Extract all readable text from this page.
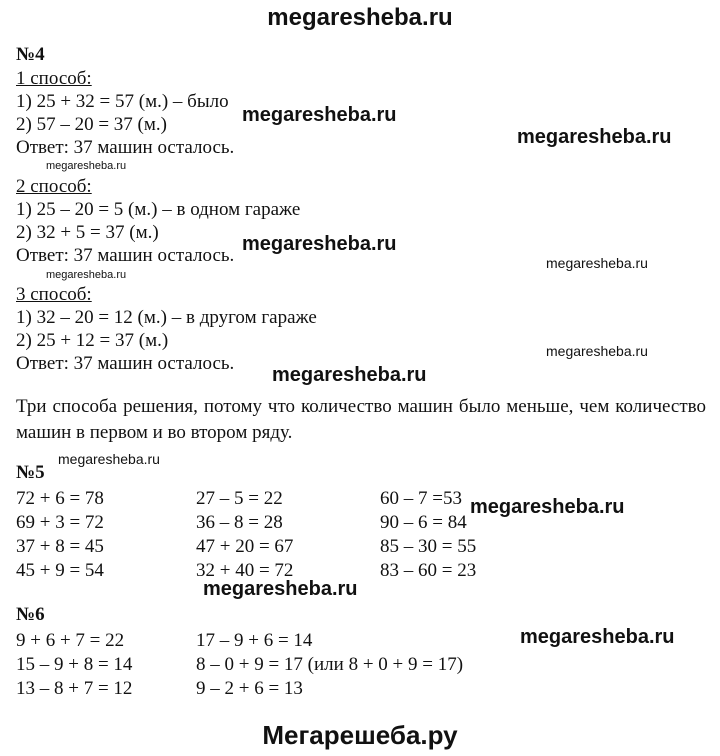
megaresheba.ru
№4
1 способ:
1) 25 + 32 = 57 (м.) – было
2) 57 – 20 = 37 (м.)
Ответ: 37 машин осталось.
2 способ:
1) 25 – 20 = 5 (м.) – в одном гараже
2) 32 + 5 = 37 (м.)
Ответ: 37 машин осталось.
3 способ:
1) 32 – 20 = 12 (м.) – в другом гараже
2) 25 + 12 = 37 (м.)
Ответ: 37 машин осталось.
Три способа решения, потому что количество машин было меньше, чем количество машин в первом и во втором ряду.
№5
72 + 6 = 78
69 + 3 = 72
37 + 8 = 45
45 + 9 = 54
27 – 5 = 22
36 – 8 = 28
47 + 20 = 67
32 + 40 = 72
60 – 7 =53
90 – 6 = 84
85 – 30 = 55
83 – 60 = 23
№6
9 + 6 + 7 = 22
15 – 9 + 8 = 14
13 – 8 + 7 = 12
17 – 9 + 6 = 14
8 – 0 + 9 = 17 (или 8 + 0 + 9 = 17)
9 – 2 + 6 = 13
megaresheba.ru
megaresheba.ru
megaresheba.ru
megaresheba.ru
megaresheba.ru
megaresheba.ru
megaresheba.ru
megaresheba.ru
megaresheba.ru
megaresheba.ru
megaresheba.ru
megaresheba.ru
Мегарешеба.ру
